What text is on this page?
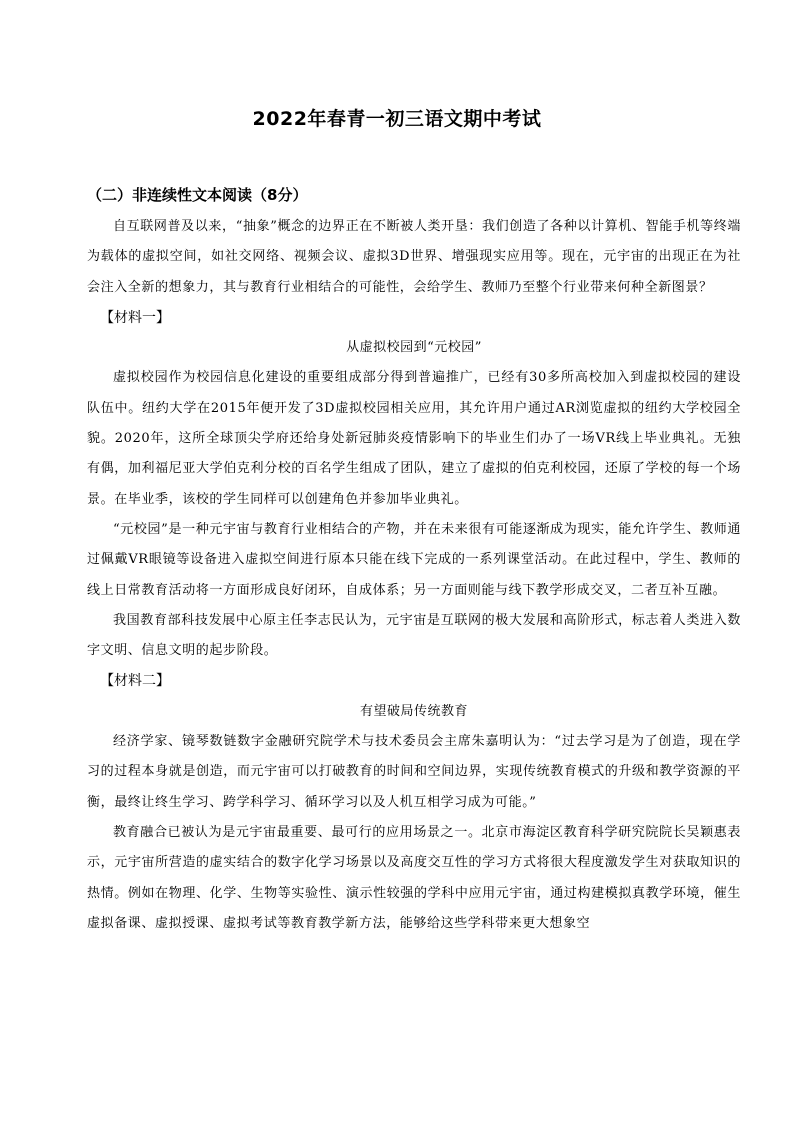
2022年春青一初三语文期中考试
（二）非连续性文本阅读（8分）

自互联网普及以来，“抽象”概念的边界正在不断被人类开垦：我们创造了各种以计算机、智能手机等终端为载体的虚拟空间，如社交网络、视频会议、虚拟3D世界、增强现实应用等。现在，元宇宙的出现正在为社会注入全新的想象力，其与教育行业相结合的可能性，会给学生、教师乃至整个行业带来何种全新图景？

【材料一】

从虚拟校园到“元校园”

虚拟校园作为校园信息化建设的重要组成部分得到普遍推广，已经有30多所高校加入到虚拟校园的建设队伍中。纽约大学在2015年便开发了3D虚拟校园相关应用，其允许用户通过AR浏览虚拟的纽约大学校园全貌。2020年，这所全球顶尖学府还给身处新冠肺炎疫情影响下的毕业生们办了一场VR线上毕业典礼。无独有偶，加利福尼亚大学伯克利分校的百名学生组成了团队，建立了虚拟的伯克利校园，还原了学校的每一个场景。在毕业季，该校的学生同样可以创建角色并参加毕业典礼。

“元校园”是一种元宇宙与教育行业相结合的产物，并在未来很有可能逐渐成为现实，能允许学生、教师通过佩戴VR眼镜等设备进入虚拟空间进行原本只能在线下完成的一系列课堂活动。在此过程中，学生、教师的线上日常教育活动将一方面形成良好闭环，自成体系；另一方面则能与线下教学形成交叉，二者互补互融。

我国教育部科技发展中心原主任李志民认为，元宇宙是互联网的极大发展和高阶形式，标志着人类进入数字文明、信息文明的起步阶段。

【材料二】

有望破局传统教育

经济学家、镜琴数链数字金融研究院学术与技术委员会主席朱嘉明认为：“过去学习是为了创造，现在学习的过程本身就是创造，而元宇宙可以打破教育的时间和空间边界，实现传统教育模式的升级和教学资源的平衡，最终让终生学习、跨学科学习、循环学习以及人机互相学习成为可能。”

教育融合已被认为是元宇宙最重要、最可行的应用场景之一。北京市海淀区教育科学研究院院长吴颖惠表示，元宇宙所营造的虚实结合的数字化学习场景以及高度交互性的学习方式将很大程度激发学生对获取知识的热情。例如在物理、化学、生物等实验性、演示性较强的学科中应用元宇宙，通过构建模拟真教学环境，催生虚拟备课、虚拟授课、虚拟考试等教育教学新方法，能够给这些学科带来更大想象空
